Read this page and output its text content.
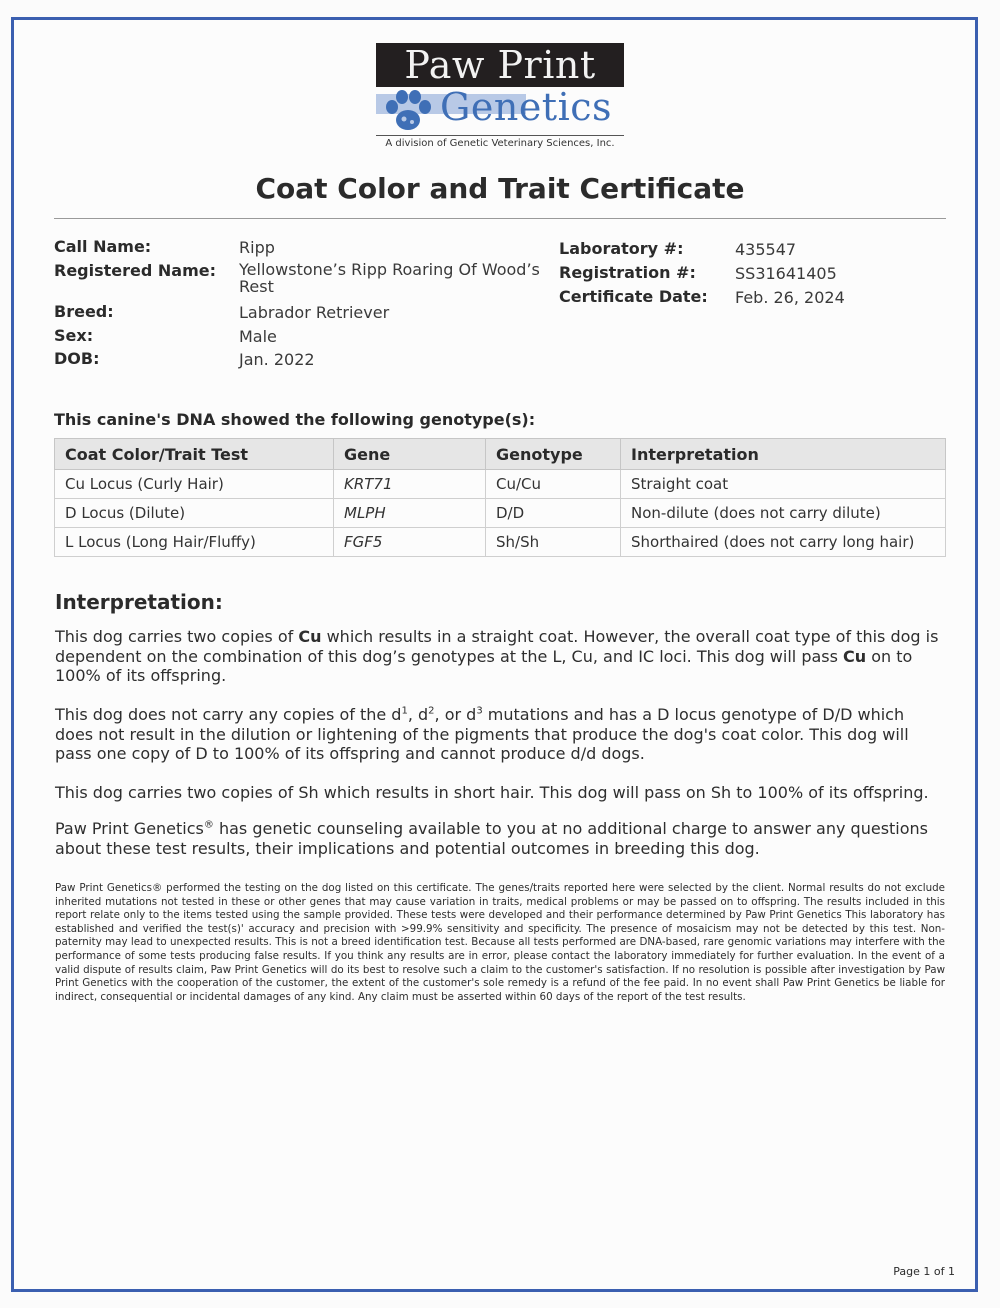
Paw Print
Genetics
A division of Genetic Veterinary Sciences, Inc.
Coat Color and Trait Certificate
Call Name:	Ripp
Registered Name: Yellowstone’s Ripp Roaring Of Wood’s
Rest
Breed:	Labrador Retriever
Sex:	Male
DOB:	Jan. 2022
Laboratory #:	435547
Registration #: SS31641405
Certificate Date: Feb. 26, 2024
This canine's DNA showed the following genotype(s):
Coat Color/Trait Test	Gene	Genotype	Interpretation
Cu Locus (Curly Hair)	KRT71	Cu/Cu	Straight coat
D Locus (Dilute)	MLPH	D/D	Non-dilute (does not carry dilute)
L Locus (Long Hair/Fluffy)	FGF5	Sh/Sh	Shorthaired (does not carry long hair)
Interpretation:
This dog carries two copies of Cu which results in a straight coat. However, the overall coat type of this dog is dependent on the combination of this dog’s genotypes at the L, Cu, and IC loci. This dog will pass Cu on to 100% of its offspring.
This dog does not carry any copies of the $d^1$, $d^2$, or $d^3$ mutations and has a D locus genotype of D/D which does not result in the dilution or lightening of the pigments that produce the dog's coat color. This dog will pass one copy of D to 100% of its offspring and cannot produce d/d dogs.
This dog carries two copies of Sh which results in short hair. This dog will pass on Sh to 100% of its offspring.
Paw Print Genetics® has genetic counseling available to you at no additional charge to answer any questions about these test results, their implications and potential outcomes in breeding this dog.
Paw Print Genetics® performed the testing on the dog listed on this certificate. The genes/traits reported here were selected by the client. Normal results do not exclude inherited mutations not tested in these or other genes that may cause variation in traits, medical problems or may be passed on to offspring. The results included in this report relate only to the items tested using the sample provided. These tests were developed and their performance determined by Paw Print Genetics This laboratory has established and verified the test(s)' accuracy and precision with >99.9% sensitivity and specificity. The presence of mosaicism may not be detected by this test. Non-paternity may lead to unexpected results. This is not a breed identification test. Because all tests performed are DNA-based, rare genomic variations may interfere with the performance of some tests producing false results. If you think any results are in error, please contact the laboratory immediately for further evaluation. In the event of a valid dispute of results claim, Paw Print Genetics will do its best to resolve such a claim to the customer's satisfaction. If no resolution is possible after investigation by Paw Print Genetics with the cooperation of the customer, the extent of the customer's sole remedy is a refund of the fee paid. In no event shall Paw Print Genetics be liable for indirect, consequential or incidental damages of any kind. Any claim must be asserted within 60 days of the report of the test results.
Page 1 of 1
